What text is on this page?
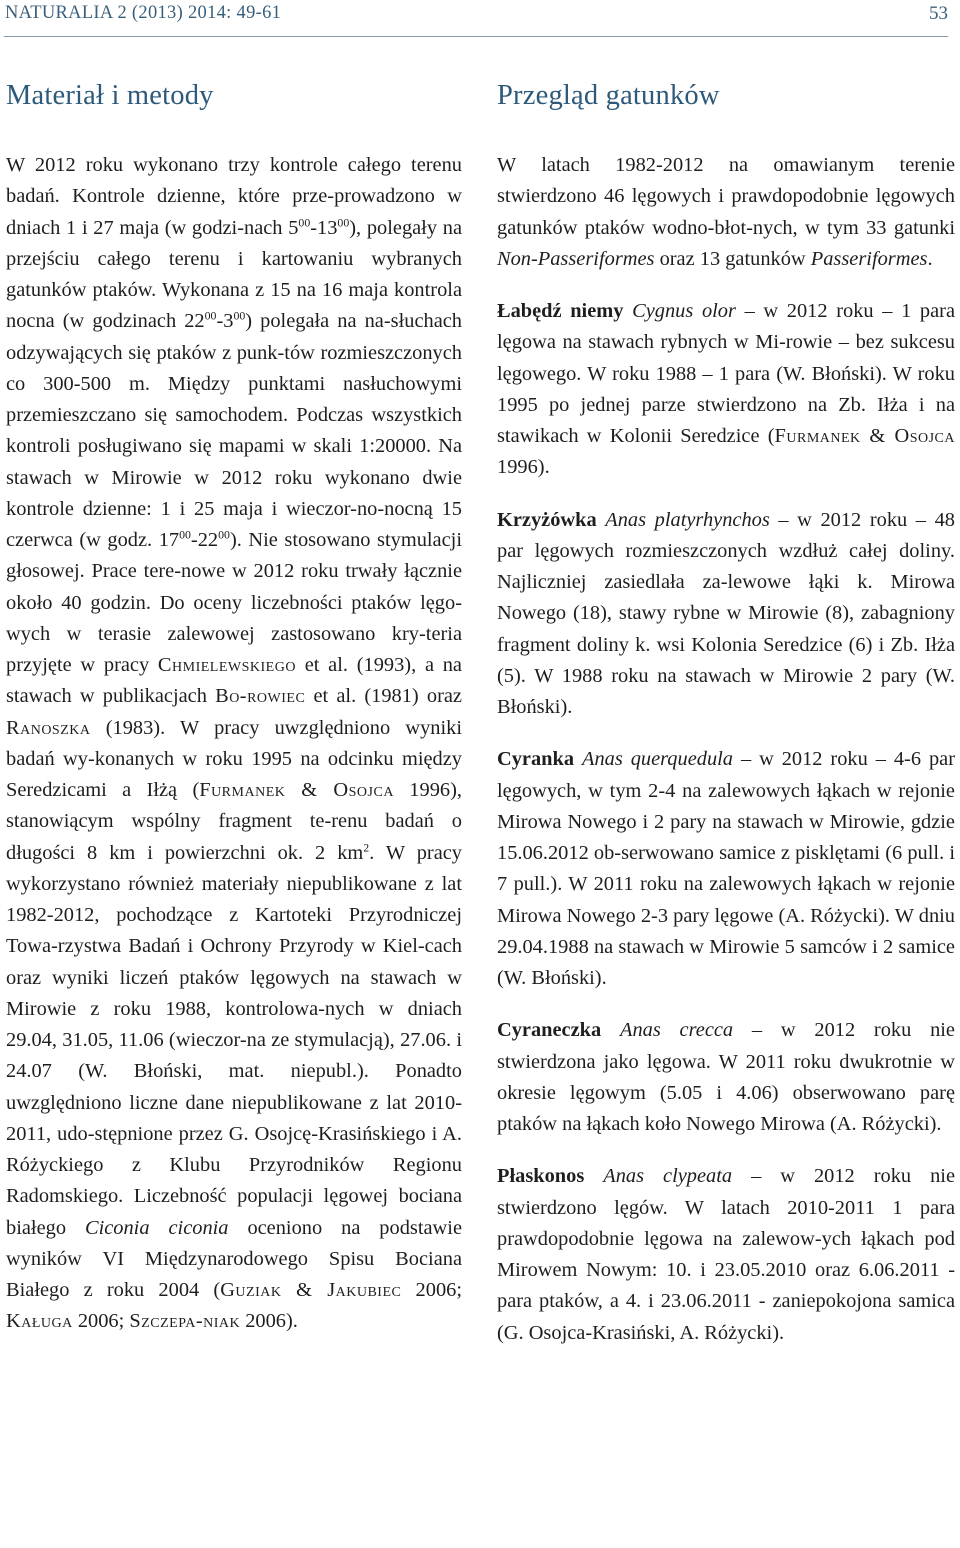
NATURALIA 2 (2013) 2014: 49-61	53
Materiał i metody

W 2012 roku wykonano trzy kontrole całego terenu badań. Kontrole dzienne, które prze-prowadzono w dniach 1 i 27 maja (w godzi-nach $5^{00}-13^{00}$), polegały na przejściu całego terenu i kartowaniu wybranych gatunków ptaków. Wykonana z 15 na 16 maja kontrola nocna (w godzinach $22^{00}-3^{00}$) polegała na na-słuchach odzywających się ptaków z punk-tów rozmieszczonych co 300-500 m. Między punktami nasłuchowymi przemieszczano się samochodem. Podczas wszystkich kontroli posługiwano się mapami w skali 1:20000. Na stawach w Mirowie w 2012 roku wykonano dwie kontrole dzienne: 1 i 25 maja i wieczor-no-nocną 15 czerwca (w godz. $17^{00}-22^{00}$). Nie stosowano stymulacji głosowej. Prace tere-nowe w 2012 roku trwały łącznie około 40 godzin. Do oceny liczebności ptaków lęgo-wych w terasie zalewowej zastosowano kry-teria przyjęte w pracy Chmielewskiego et al. (1993), a na stawach w publikacjach Bo-rowiec et al. (1981) oraz Ranoszka (1983). W pracy uwzględniono wyniki badań wy-konanych w roku 1995 na odcinku między Seredzicami a Iłżą (Furmanek & Osojca 1996), stanowiącym wspólny fragment te-renu badań o długości 8 km i powierzchni ok. 2 $km^2$. W pracy wykorzystano również materiały niepublikowane z lat 1982-2012, pochodzące z Kartoteki Przyrodniczej Towa-rzystwa Badań i Ochrony Przyrody w Kiel-cach oraz wyniki liczeń ptaków lęgowych na stawach w Mirowie z roku 1988, kontrolowa-nych w dniach 29.04, 31.05, 11.06 (wieczor-na ze stymulacją), 27.06. i 24.07 (W. Błoński, mat. niepubl.). Ponadto uwzględniono liczne dane niepublikowane z lat 2010-2011, udo-stępnione przez G. Osojcę-Krasińskiego i A. Różyckiego z Klubu Przyrodników Regionu Radomskiego. Liczebność populacji lęgowej bociana białego Ciconia ciconia oceniono na podstawie wyników VI Międzynarodowego Spisu Bociana Białego z roku 2004 (Guziak & Jakubiec 2006; Kaługa 2006; Szczepa-niak 2006).

Przegląd gatunków

W latach 1982-2012 na omawianym terenie stwierdzono 46 lęgowych i prawdopodobnie lęgowych gatunków ptaków wodno-błot-nych, w tym 33 gatunki Non-Passeriformes oraz 13 gatunków Passeriformes.

Łabędź niemy Cygnus olor – w 2012 roku – 1 para lęgowa na stawach rybnych w Mi-rowie – bez sukcesu lęgowego. W roku 1988 – 1 para (W. Błoński). W roku 1995 po jednej parze stwierdzono na Zb. Iłża i na stawikach w Kolonii Seredzice (Furmanek & Osojca 1996).

Krzyżówka Anas platyrhynchos – w 2012 roku – 48 par lęgowych rozmieszczonych wzdłuż całej doliny. Najliczniej zasiedlała za-lewowe łąki k. Mirowa Nowego (18), stawy rybne w Mirowie (8), zabagniony fragment doliny k. wsi Kolonia Seredzice (6) i Zb. Iłża (5). W 1988 roku na stawach w Mirowie 2 pary (W. Błoński).

Cyranka Anas querquedula – w 2012 roku – 4-6 par lęgowych, w tym 2-4 na zalewowych łąkach w rejonie Mirowa Nowego i 2 pary na stawach w Mirowie, gdzie 15.06.2012 ob-serwowano samice z pisklętami (6 pull. i 7 pull.). W 2011 roku na zalewowych łąkach w rejonie Mirowa Nowego 2-3 pary lęgowe (A. Różycki). W dniu 29.04.1988 na stawach w Mirowie 5 samców i 2 samice (W. Błoński).

Cyraneczka Anas crecca – w 2012 roku nie stwierdzona jako lęgowa. W 2011 roku dwukrotnie w okresie lęgowym (5.05 i 4.06) obserwowano parę ptaków na łąkach koło Nowego Mirowa (A. Różycki).

Płaskonos Anas clypeata – w 2012 roku nie stwierdzono lęgów. W latach 2010-2011 1 para prawdopodobnie lęgowa na zalewow-ych łąkach pod Mirowem Nowym: 10. i 23.05.2010 oraz 6.06.2011 - para ptaków, a 4. i 23.06.2011 - zaniepokojona samica (G. Osojca-Krasiński, A. Różycki).
